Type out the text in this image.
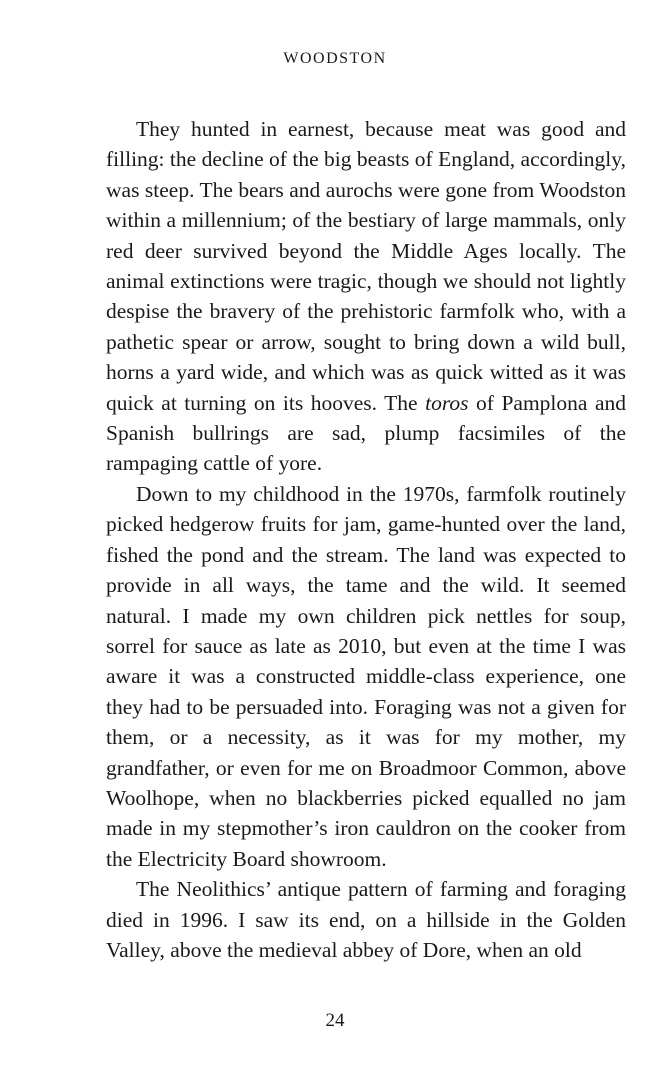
WOODSTON

They hunted in earnest, because meat was good and filling: the decline of the big beasts of England, accordingly, was steep. The bears and aurochs were gone from Woodston within a millennium; of the bestiary of large mammals, only red deer survived beyond the Middle Ages locally. The animal extinctions were tragic, though we should not lightly despise the bravery of the prehistoric farmfolk who, with a pathetic spear or arrow, sought to bring down a wild bull, horns a yard wide, and which was as quick witted as it was quick at turning on its hooves. The toros of Pamplona and Spanish bullrings are sad, plump facsimiles of the rampaging cattle of yore.

Down to my childhood in the 1970s, farmfolk routinely picked hedgerow fruits for jam, game-hunted over the land, fished the pond and the stream. The land was expected to provide in all ways, the tame and the wild. It seemed natural. I made my own children pick nettles for soup, sorrel for sauce as late as 2010, but even at the time I was aware it was a constructed middle-class experience, one they had to be persuaded into. Foraging was not a given for them, or a necessity, as it was for my mother, my grandfather, or even for me on Broadmoor Common, above Woolhope, when no blackberries picked equalled no jam made in my stepmother’s iron cauldron on the cooker from the Electricity Board showroom.

The Neolithics’ antique pattern of farming and foraging died in 1996. I saw its end, on a hillside in the Golden Valley, above the medieval abbey of Dore, when an old

24
